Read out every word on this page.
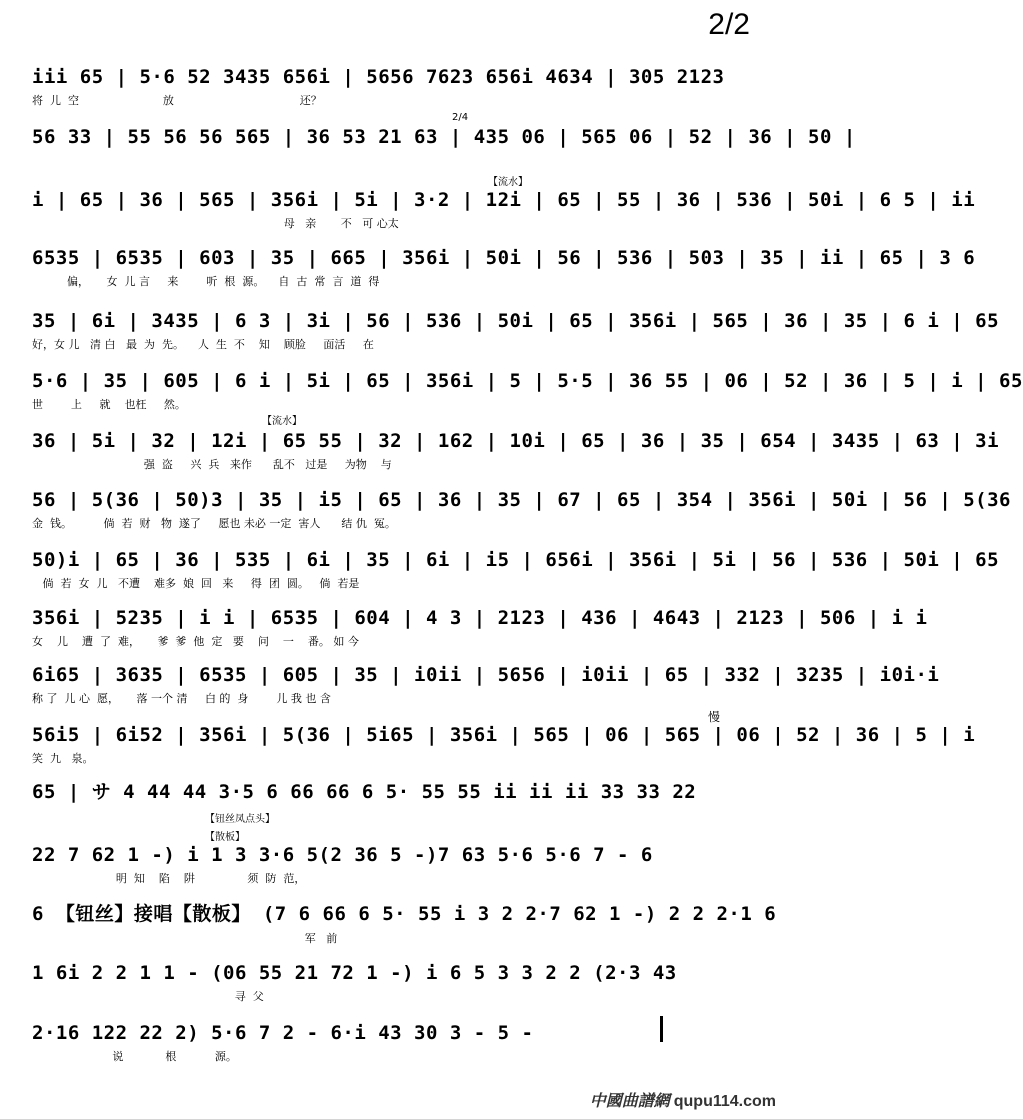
2/2
iii 65 | 5·6 52 3435 656i | 5656 7623 656i 4634 | 305 2123
将  儿  空                        放                                    还？
56 33 | 55 56 56 565 | 36 53 21 63 | 435 06 | 565 06 | 52 | 36 | 50 |
i | 65 | 36 | 565 | 356i | 5i | 3·2 | 12i | 65 | 55 | 36 | 536 | 50i | 6 5 | ii
母   亲       不   可 心太
6535 | 6535 | 603 | 35 | 665 | 356i | 50i | 56 | 536 | 503 | 35 | ii | 65 | 3 6
偏，     女  儿 言     来        听  根  源。    自  古  常  言  道  得
35 | 6i | 3435 | 6 3 | 3i | 56 | 536 | 50i | 65 | 356i | 565 | 36 | 35 | 6 i | 65
好，女 儿   清 白   最  为  先。    人  生  不    知    顾脸     面活     在
5·6 | 35 | 605 | 6 i | 5i | 65 | 356i | 5 | 5·5 | 36 55 | 06 | 52 | 36 | 5 | i | 65
世        上     就    也枉     然。
36 | 5i | 32 | 12i | 65 55 | 32 | 162 | 10i | 65 | 36 | 35 | 654 | 3435 | 63 | 3i
强  盗     兴  兵   来作      乱不   过是     为物    与
56 | 5(36 | 50)3 | 35 | i5 | 65 | 36 | 35 | 67 | 65 | 354 | 356i | 50i | 56 | 5(36
金  钱。         倘  若  财   物  遂了     愿也 未必 一定  害人      结 仇  冤。
50)i | 65 | 36 | 535 | 6i | 35 | 6i | i5 | 656i | 356i | 5i | 56 | 536 | 50i | 65
倘  若  女  儿   不遭    难多  娘  回   来     得  团  圆。   倘  若是
356i | 5235 | i i | 6535 | 604 | 4 3 | 2123 | 436 | 4643 | 2123 | 506 | i i
女    儿    遭  了  难，     爹  爹  他  定   要    问    一    番。 如 今
6i65 | 3635 | 6535 | 605 | 35 | i0ii | 5656 | i0ii | 65 | 332 | 3235 | i0i·i
称 了  儿 心  愿，     落 一个 清     白 的  身        儿 我 也 含
56i5 | 6i52 | 356i | 5(36 | 5i65 | 356i | 565 | 06 | 565 | 06 | 52 | 36 | 5 | i
笑  九   泉。
65 | サ 4 44 44 3·5 6 66 66 6 5· 55 55 ii ii ii 33 33 22
22 7 62 1 -) i 1 3 3·6 5(2 36 5 -)7 63 5·6 5·6 7 - 6
明  知    陷    阱               须  防  范，
6 【钮丝】接唱【散板】 (7 6 66 6 5· 55 i 3 2 2·7 62 1 -) 2 2 2·1 6
军   前
1 6i 2 2 1 1 - (06 55 21 72 1 -) i 6 5 3 3 2 2 (2·3 43
寻  父
2·16 122 22 2) 5·6 7 2 - 6·i 43 30 3 - 5 -
说            根           源。
2/4
【流水】
【流水】
慢
【钮丝凤点头】
【散板】
中國曲譜網 qupu114.com
